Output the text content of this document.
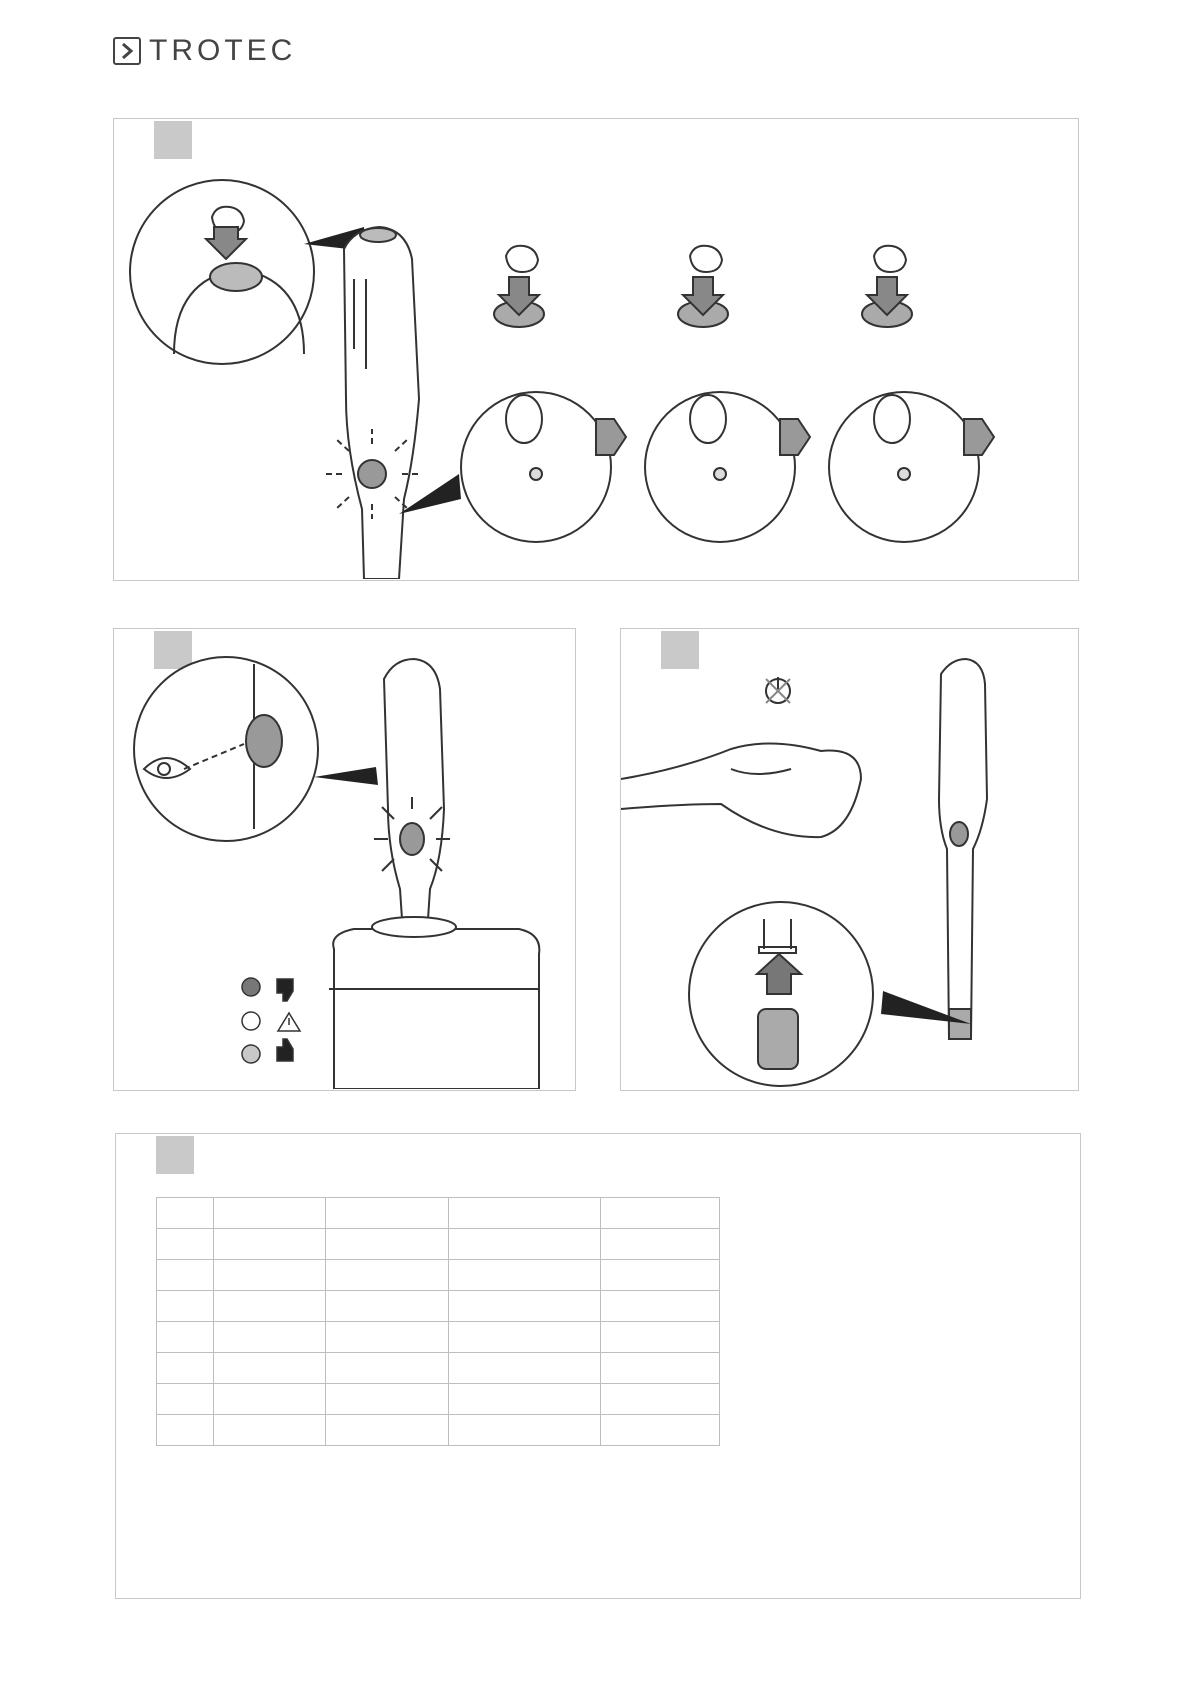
TROTEC
